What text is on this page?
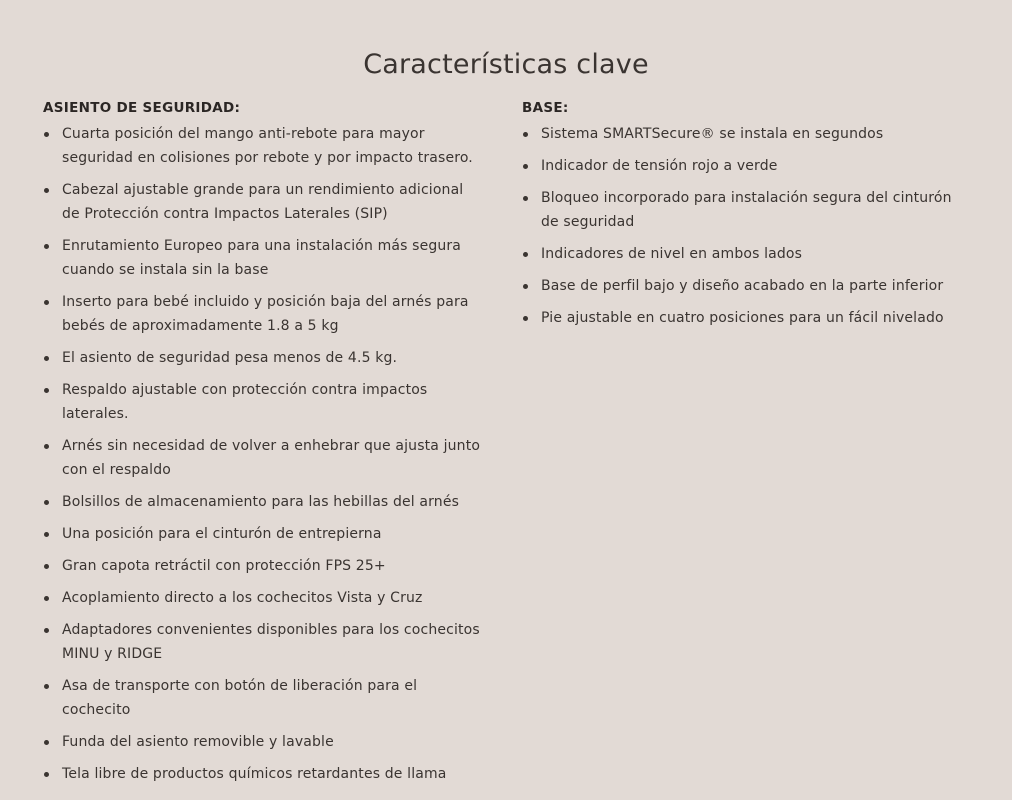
Características clave
ASIENTO DE SEGURIDAD:
Cuarta posición del mango anti-rebote para mayor seguridad en colisiones por rebote y por impacto trasero.
Cabezal ajustable grande para un rendimiento adicional de Protección contra Impactos Laterales (SIP)
Enrutamiento Europeo para una instalación más segura cuando se instala sin la base
Inserto para bebé incluido y posición baja del arnés para bebés de aproximadamente 1.8 a 5 kg
El asiento de seguridad pesa menos de 4.5 kg.
Respaldo ajustable con protección contra impactos laterales.
Arnés sin necesidad de volver a enhebrar que ajusta junto con el respaldo
Bolsillos de almacenamiento para las hebillas del arnés
Una posición para el cinturón de entrepierna
Gran capota retráctil con protección FPS 25+
Acoplamiento directo a los cochecitos Vista y Cruz
Adaptadores convenientes disponibles para los cochecitos MINU y RIDGE
Asa de transporte con botón de liberación para el cochecito
Funda del asiento removible y lavable
Tela libre de productos químicos retardantes de llama
BASE:
Sistema SMARTSecure® se instala en segundos
Indicador de tensión rojo a verde
Bloqueo incorporado para instalación segura del cinturón de seguridad
Indicadores de nivel en ambos lados
Base de perfil bajo y diseño acabado en la parte inferior
Pie ajustable en cuatro posiciones para un fácil nivelado
